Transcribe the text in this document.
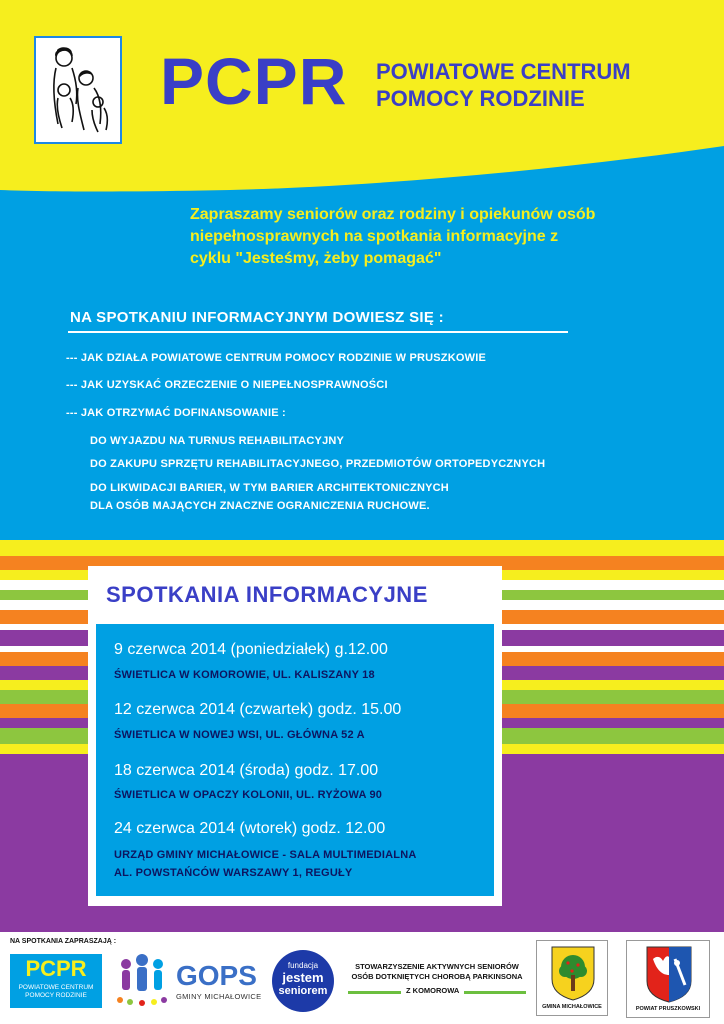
PCPR POWIATOWE CENTRUM
POMOCY RODZINIE
Zapraszamy seniorów oraz rodziny i opiekunów osób
niepełnosprawnych na spotkania informacyjne z
cyklu "Jesteśmy, żeby pomagać"
NA SPOTKANIU INFORMACYJNYM DOWIESZ SIĘ :
--- JAK DZIAŁA POWIATOWE CENTRUM POMOCY RODZINIE W PRUSZKOWIE
--- JAK UZYSKAĆ ORZECZENIE O NIEPEŁNOSPRAWNOŚCI
--- JAK OTRZYMAĆ DOFINANSOWANIE :
DO WYJAZDU NA TURNUS REHABILITACYJNY
DO ZAKUPU SPRZĘTU REHABILITACYJNEGO, PRZEDMIOTÓW ORTOPEDYCZNYCH
DO LIKWIDACJI BARIER, W TYM BARIER ARCHITEKTONICZNYCH
DLA OSÓB MAJĄCYCH ZNACZNE OGRANICZENIA RUCHOWE.
SPOTKANIA INFORMACYJNE
9 czerwca 2014 (poniedziałek) g.12.00
ŚWIETLICA W KOMOROWIE, UL. KALISZANY 18
12 czerwca 2014 (czwartek) godz. 15.00
ŚWIETLICA W NOWEJ WSI, UL. GŁÓWNA 52 A
18 czerwca 2014 (środa) godz. 17.00
ŚWIETLICA W OPACZY KOLONII, UL. RYŻOWA 90
24 czerwca 2014 (wtorek) godz. 12.00
URZĄD GMINY MICHAŁOWICE - SALA MULTIMEDIALNA
AL. POWSTAŃCÓW WARSZAWY 1, REGUŁY
NA SPOTKANIA ZAPRASZAJĄ :
PCPR
POWIATOWE CENTRUM
POMOCY RODZINIE
GOPS
GMINY MICHAŁOWICE
fundacja
jestem
seniorem
STOWARZYSZENIE AKTYWNYCH SENIORÓW
OSÓB DOTKNIĘTYCH CHOROBĄ PARKINSONA
Z KOMOROWA
GMINA MICHAŁOWICE	POWIAT PRUSZKOWSKI
